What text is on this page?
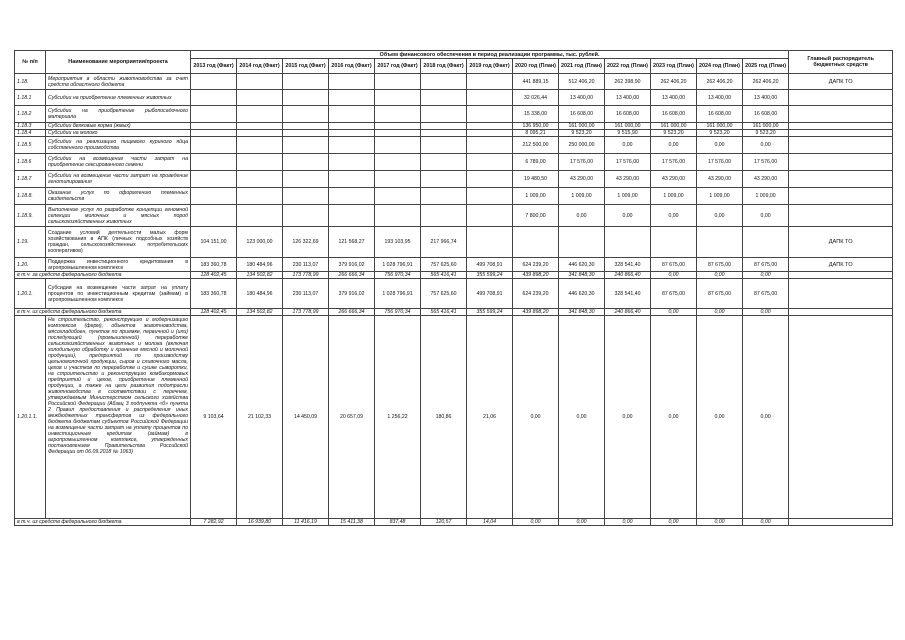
№ п/п	Наименование мероприятия/проекта	Объем финансового обеспечения в период реализации программы, тыс. рублей.													Главный распорядитель бюджетных средств
		2013 год (Факт)	2014 год (Факт)	2015 год (Факт)	2016 год (Факт)	2017 год (Факт)	2018 год (Факт)	2019 год (Факт)	2020 год (План)	2021 год (План)	2022 год (План)	2023 год (План)	2024 год (План)	2025 год (План)	
1.18.	Мероприятия в области животноводства за счет средств областного бюджета								441 889,15	512 406,20	262 398,90	262 406,20	262 406,20	262 406,20	ДАПК ТО
1.18.1	Субсидии на приобретение племенных животных								32 026,44	13 400,00	13 400,00	13 400,00	13 400,00	13 400,00	
1.18.2	Субсидии на приобретение рыбопосадочного материала								15 338,00	16 608,00	16 608,00	16 608,00	16 608,00	16 608,00	
1.18.3	Субсидии белковые корма (жмых)								136 950,00	161 000,00	161 000,00	161 000,00	161 000,00	161 000,00	
1.18.4	Субсидии на молоко								8 095,21	9 523,20	9 515,90	9 523,20	9 523,20	9 523,20	
1.18.5	Субсидии на реализацию пищевого куриного яйца собственного производства								212 500,00	250 000,00	0,00	0,00	0,00	0,00	
1.18.6	Субсидии на возмещение части затрат на приобретение сексированного семени								6 789,00	17 576,00	17 576,00	17 576,00	17 576,00	17 576,00	
1.18.7	Субсидии на возмещение части затрат на проведение генотипирования								19 480,50	43 290,00	43 290,00	43 290,00	43 290,00	43 290,00	
1.18.8.	Оказание услуг по оформлению племенных свидетельств								1 009,00	1 009,00	1 009,00	1 009,00	1 009,00	1 009,00	
1.18.9.	Выполнение услуг по разработке концепции геномной селекции молочных и мясных пород сельскохозяйственных животных								7 800,00	0,00	0,00	0,00	0,00	0,00	
1.19.	Создание условий деятельности малых форм хозяйствования в АПК (личных подсобных хозяйств граждан, сельскохозяйственных потребительских кооперативов)	104 151,00	123 000,00	126 322,69	121 568,27	193 103,95	217 966,74								ДАПК ТО
1.20.	Поддержка инвестиционного кредитования в агропромышленном комплексе	183 360,78	180 484,96	230 113,07	379 916,02	1 028 796,91	757 625,60	499 708,91	624 239,20	446 620,30	328 541,40	87 675,00	87 675,00	87 675,00	ДАПК ТО
в т.ч. за средств федерального бюджета		128 402,45	134 502,82	173 778,99	266 666,34	756 970,34	565 416,41	355 599,24	439 898,20	341 848,30	240 866,40	0,00	0,00	0,00	
1.20.1.	Субсидии на возмещение части затрат на уплату процентов по инвестиционным кредитам (займам) в агропромышленном комплексе	183 360,78	180 484,96	230 113,07	379 916,02	1 028 796,91	757 625,60	499 708,91	624 239,20	446 620,30	328 541,40	87 675,00	87 675,00	87 675,00	
в т.ч. из средств федерального бюджета		128 402,45	134 502,82	173 778,99	266 666,34	756 970,34	565 416,41	355 599,24	439 898,20	341 848,30	240 866,40	0,00	0,00	0,00	
1.20.1.1.	На строительство, реконструкцию и модернизацию комплексов (ферм), объектов животноводства, мясохладобоен, пунктов по приемке, первичной и (или) последующей (промышленной) переработке сельскохозяйственных животных и молока (включая холодильную обработку и хранение мясной и молочной продукции), предприятий по производству цельномолочной продукции, сыров и сливочного масла, цехов и участков по переработке и сушке сыворотки, на строительство и реконструкцию комбикормовых предприятий и цехов, приобретение племенной продукции, а также на цели развития подотрасли животноводства в соответствии с перечнем, утверждаемым Министерством сельского хозяйства Российской Федерации (Абзац 3 подпункта «б» пункта 2 Правил предоставления и распределения иных межбюджетных трансфертов из федерального бюджета бюджетам субъектов Российской Федерации на возмещение части затрат на уплату процентов по инвестиционным кредитам (займам) в агропромышленном комплексе, утвержденных постановлением Правительства Российской Федерации от 06.09.2018 № 1063)	9 103,64	21 102,33	14 450,09	20 657,09	1 256,22	180,86	21,06	0,00	0,00	0,00	0,00	0,00	0,00	
в т.ч. из средств федерального бюджета		7 282,92	16 939,80	11 416,19	15 411,38	837,48	120,57	14,04	0,00	0,00	0,00	0,00	0,00	0,00	
